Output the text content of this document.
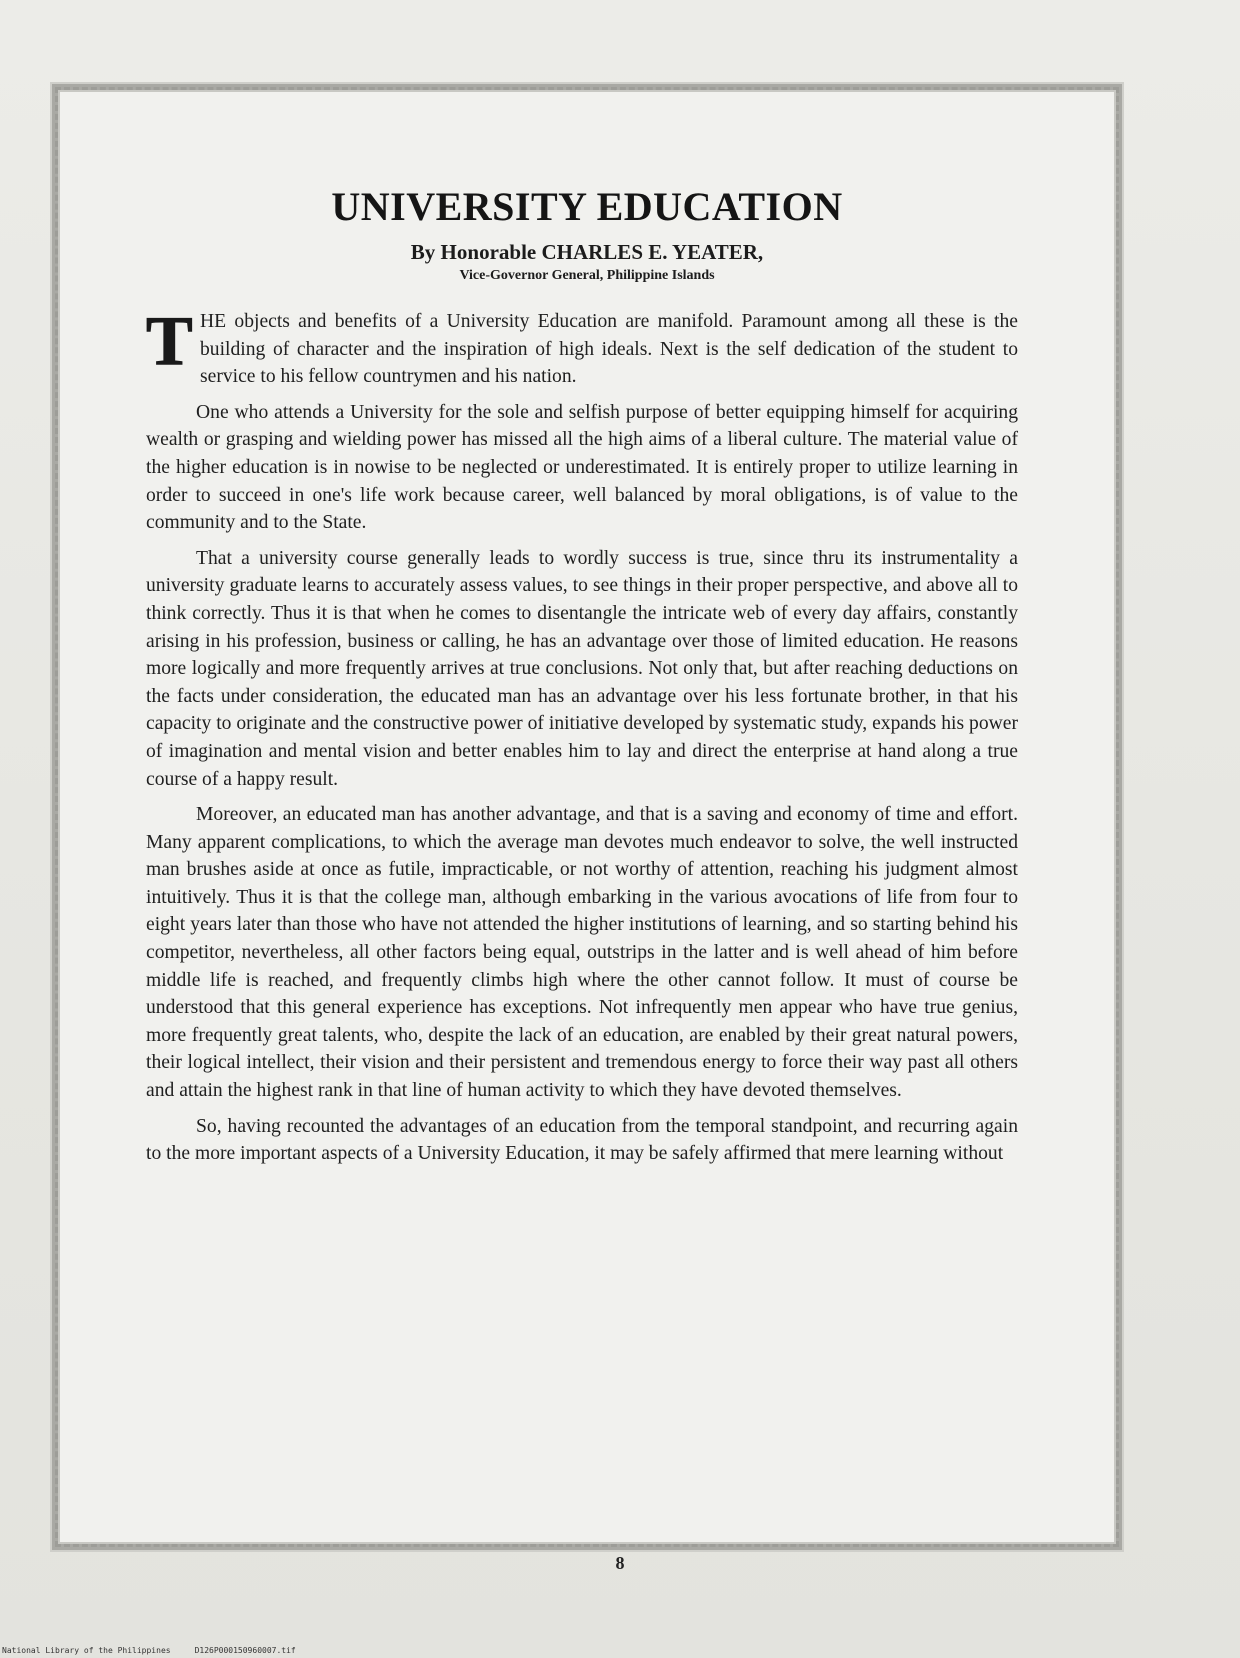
UNIVERSITY EDUCATION
By Honorable CHARLES E. YEATER,
Vice-Governor General, Philippine Islands

THE objects and benefits of a University Education are manifold. Paramount among all these is the building of character and the inspiration of high ideals. Next is the self dedication of the student to service to his fellow countrymen and his nation.

One who attends a University for the sole and selfish purpose of better equipping himself for acquiring wealth or grasping and wielding power has missed all the high aims of a liberal culture. The material value of the higher education is in nowise to be neglected or underestimated. It is entirely proper to utilize learning in order to succeed in one's life work because career, well balanced by moral obligations, is of value to the community and to the State.

That a university course generally leads to wordly success is true, since thru its instrumentality a university graduate learns to accurately assess values, to see things in their proper perspective, and above all to think correctly. Thus it is that when he comes to disentangle the intricate web of every day affairs, constantly arising in his profession, business or calling, he has an advantage over those of limited education. He reasons more logically and more frequently arrives at true conclusions. Not only that, but after reaching deductions on the facts under consideration, the educated man has an advantage over his less fortunate brother, in that his capacity to originate and the constructive power of initiative developed by systematic study, expands his power of imagination and mental vision and better enables him to lay and direct the enterprise at hand along a true course of a happy result.

Moreover, an educated man has another advantage, and that is a saving and economy of time and effort. Many apparent complications, to which the average man devotes much endeavor to solve, the well instructed man brushes aside at once as futile, impracticable, or not worthy of attention, reaching his judgment almost intuitively. Thus it is that the college man, although embarking in the various avocations of life from four to eight years later than those who have not attended the higher institutions of learning, and so starting behind his competitor, nevertheless, all other factors being equal, outstrips in the latter and is well ahead of him before middle life is reached, and frequently climbs high where the other cannot follow. It must of course be understood that this general experience has exceptions. Not infrequently men appear who have true genius, more frequently great talents, who, despite the lack of an education, are enabled by their great natural powers, their logical intellect, their vision and their persistent and tremendous energy to force their way past all others and attain the highest rank in that line of human activity to which they have devoted themselves.

So, having recounted the advantages of an education from the temporal standpoint, and recurring again to the more important aspects of a University Education, it may be safely affirmed that mere learning without

8
National Library of the Philippines	D126P000150960007.tif
